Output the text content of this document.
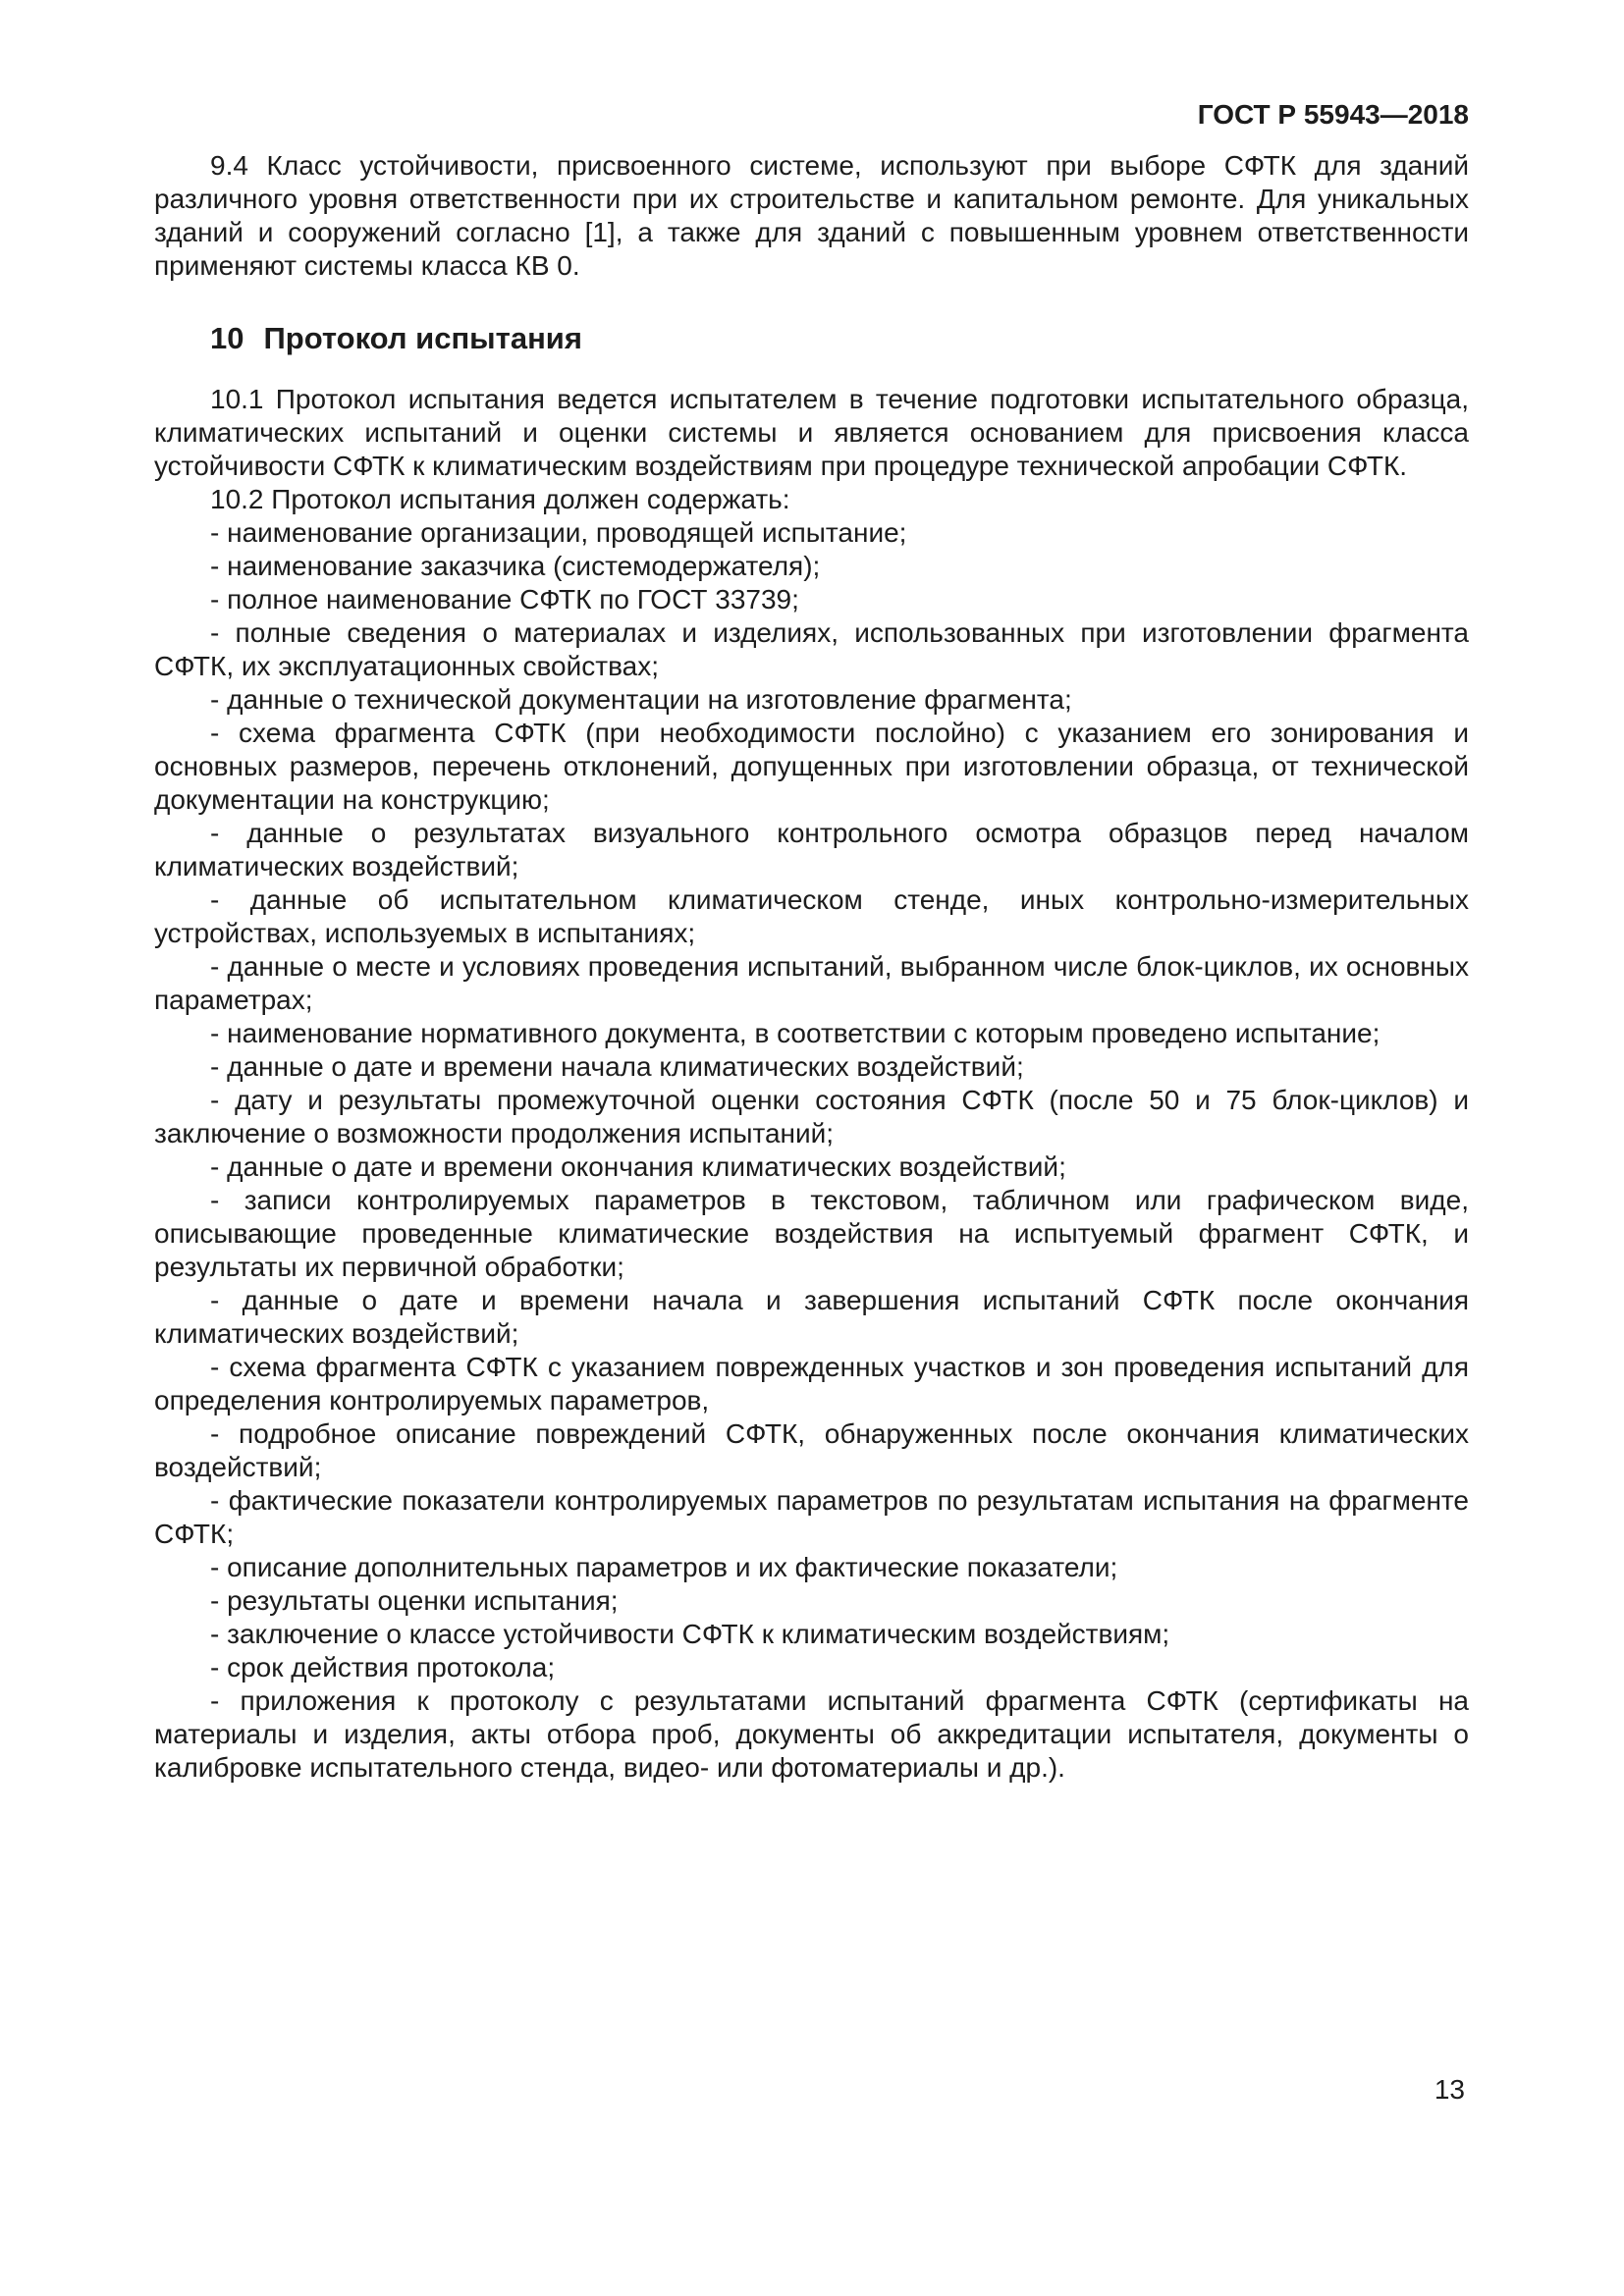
ГОСТ Р 55943—2018

9.4 Класс устойчивости, присвоенного системе, используют при выборе СФТК для зданий различного уровня ответственности при их строительстве и капитальном ремонте. Для уникальных зданий и сооружений согласно [1], а также для зданий с повышенным уровнем ответственности применяют системы класса КВ 0.

10 Протокол испытания

10.1 Протокол испытания ведется испытателем в течение подготовки испытательного образца, климатических испытаний и оценки системы и является основанием для присвоения класса устойчивости СФТК к климатическим воздействиям при процедуре технической апробации СФТК.

10.2 Протокол испытания должен содержать:

- наименование организации, проводящей испытание;

- наименование заказчика (системодержателя);

- полное наименование СФТК по ГОСТ 33739;

- полные сведения о материалах и изделиях, использованных при изготовлении фрагмента СФТК, их эксплуатационных свойствах;

- данные о технической документации на изготовление фрагмента;

- схема фрагмента СФТК (при необходимости послойно) с указанием его зонирования и основных размеров, перечень отклонений, допущенных при изготовлении образца, от технической документации на конструкцию;

- данные о результатах визуального контрольного осмотра образцов перед началом климатических воздействий;

- данные об испытательном климатическом стенде, иных контрольно-измерительных устройствах, используемых в испытаниях;

- данные о месте и условиях проведения испытаний, выбранном числе блок-циклов, их основных параметрах;

- наименование нормативного документа, в соответствии с которым проведено испытание;

- данные о дате и времени начала климатических воздействий;

- дату и результаты промежуточной оценки состояния СФТК (после 50 и 75 блок-циклов) и заключение о возможности продолжения испытаний;

- данные о дате и времени окончания климатических воздействий;

- записи контролируемых параметров в текстовом, табличном или графическом виде, описывающие проведенные климатические воздействия на испытуемый фрагмент СФТК, и результаты их первичной обработки;

- данные о дате и времени начала и завершения испытаний СФТК после окончания климатических воздействий;

- схема фрагмента СФТК с указанием поврежденных участков и зон проведения испытаний для определения контролируемых параметров,

- подробное описание повреждений СФТК, обнаруженных после окончания климатических воздействий;

- фактические показатели контролируемых параметров по результатам испытания на фрагменте СФТК;

- описание дополнительных параметров и их фактические показатели;

- результаты оценки испытания;

- заключение о классе устойчивости СФТК к климатическим воздействиям;

- срок действия протокола;

- приложения к протоколу с результатами испытаний фрагмента СФТК (сертификаты на материалы и изделия, акты отбора проб, документы об аккредитации испытателя, документы о калибровке испытательного стенда, видео- или фотоматериалы и др.).

13
